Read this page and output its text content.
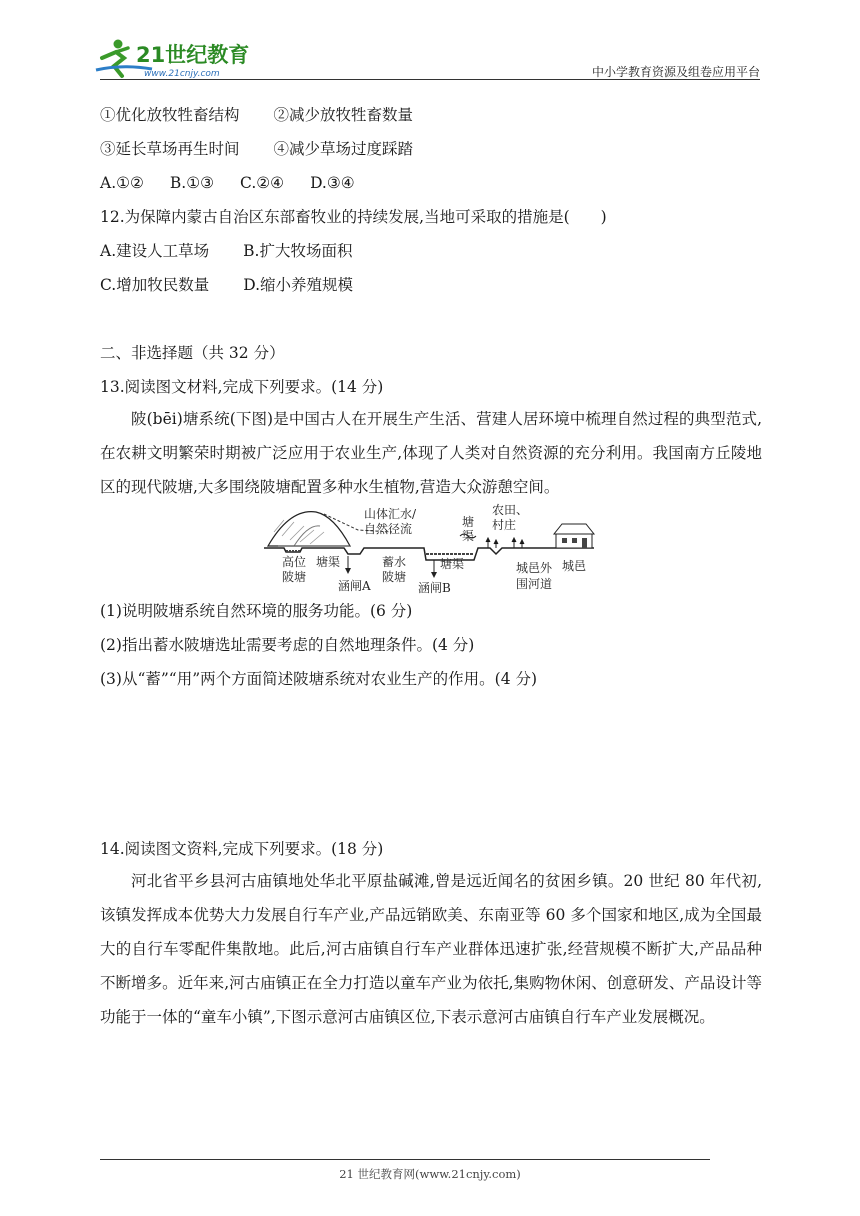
21世纪教育
www.21cnjy.com	中小学教育资源及组卷应用平台
①优化放牧牲畜结构 ②减少放牧牲畜数量
③延长草场再生时间 ④减少草场过度踩踏
A.①② B.①③ C.②④ D.③④
12.为保障内蒙古自治区东部畜牧业的持续发展,当地可采取的措施是(　　)
A.建设人工草场 B.扩大牧场面积
C.增加牧民数量 D.缩小养殖规模
二、非选择题（共 32 分）
13.阅读图文材料,完成下列要求。(14 分)
陂(bēi)塘系统(下图)是中国古人在开展生产生活、营建人居环境中梳理自然过程的典型范式,在农耕文明繁荣时期被广泛应用于农业生产,体现了人类对自然资源的充分利用。我国南方丘陵地区的现代陂塘,大多围绕陂塘配置多种水生植物,营造大众游憩空间。
山体汇水/
自然径流	塘
渠
农田、
村庄
高位
陂塘
塘渠
涵闸A
蓄水
陂塘
塘渠
涵闸B
城邑外
围河道
城邑
(1)说明陂塘系统自然环境的服务功能。(6 分)
(2)指出蓄水陂塘选址需要考虑的自然地理条件。(4 分)
(3)从“蓄”“用”两个方面简述陂塘系统对农业生产的作用。(4 分)
14.阅读图文资料,完成下列要求。(18 分)
河北省平乡县河古庙镇地处华北平原盐碱滩,曾是远近闻名的贫困乡镇。20 世纪 80 年代初,该镇发挥成本优势大力发展自行车产业,产品远销欧美、东南亚等 60 多个国家和地区,成为全国最大的自行车零配件集散地。此后,河古庙镇自行车产业群体迅速扩张,经营规模不断扩大,产品品种不断增多。近年来,河古庙镇正在全力打造以童车产业为依托,集购物休闲、创意研发、产品设计等功能于一体的“童车小镇”,下图示意河古庙镇区位,下表示意河古庙镇自行车产业发展概况。
21 世纪教育网(www.21cnjy.com)
